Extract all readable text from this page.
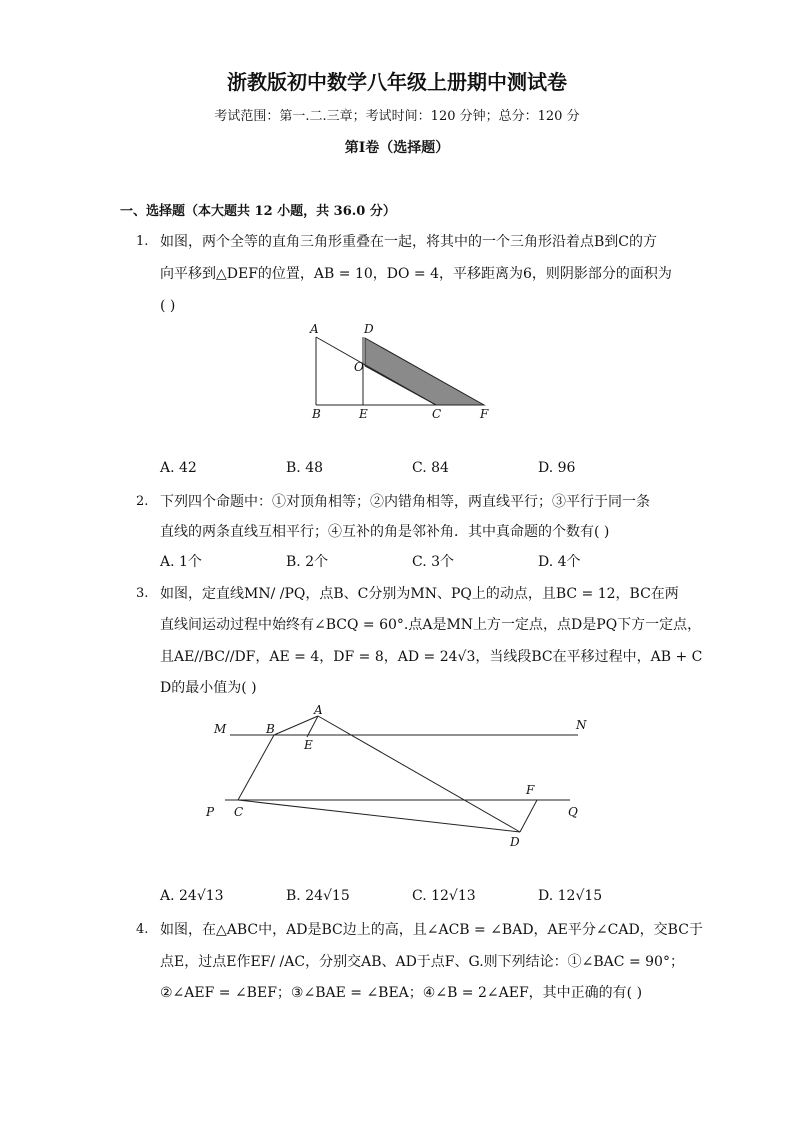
浙教版初中数学八年级上册期中测试卷
考试范围：第一.二.三章；考试时间：120 分钟；总分：120 分
第Ⅰ卷（选择题）
一、选择题（本大题共 12 小题，共 36.0 分）
1. 如图，两个全等的直角三角形重叠在一起，将其中的一个三角形沿着点B到C的方
向平移到△DEF的位置，AB = 10，DO = 4，平移距离为6，则阴影部分的面积为
( )
A	D
O
B	E	C	F
A. 42	B. 48	C. 84	D. 96
2. 下列四个命题中：①对顶角相等；②内错角相等，两直线平行；③平行于同一条
直线的两条直线互相平行；④互补的角是邻补角．其中真命题的个数有( )
A. 1个	B. 2个	C. 3个	D. 4个
3. 如图，定直线MN/ /PQ，点B、C分别为MN、PQ上的动点，且BC = 12，BC在两
直线间运动过程中始终有∠BCQ = 60°.点A是MN上方一定点，点D是PQ下方一定点，
且AE//BC//DF，AE = 4，DF = 8，AD = 24√3，当线段BC在平移过程中，AB + C
D的最小值为( )
M	N
B
A
E
P C	Q
F
D
A. 24√13	B. 24√15	C. 12√13	D. 12√15
4. 如图，在△ABC中，AD是BC边上的高，且∠ACB = ∠BAD，AE平分∠CAD，交BC于
点E，过点E作EF/ /AC，分别交AB、AD于点F、G.则下列结论：①∠BAC = 90°；
②∠AEF = ∠BEF；③∠BAE = ∠BEA；④∠B = 2∠AEF，其中正确的有( )
